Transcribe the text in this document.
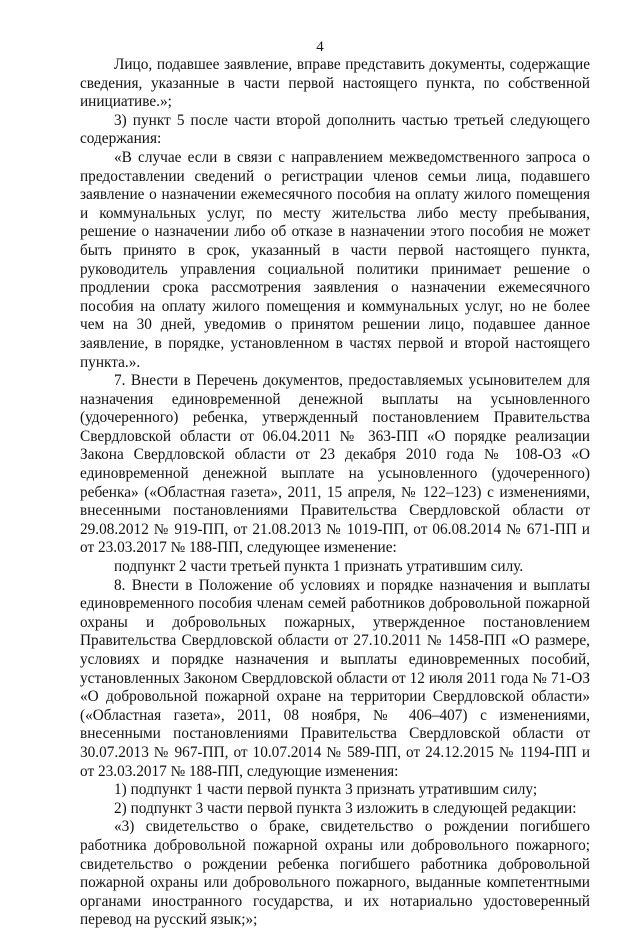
4

Лицо, подавшее заявление, вправе представить документы, содержащие сведения, указанные в части первой настоящего пункта, по собственной инициативе.»;

3) пункт 5 после части второй дополнить частью третьей следующего содержания:

«В случае если в связи с направлением межведомственного запроса о предоставлении сведений о регистрации членов семьи лица, подавшего заявление о назначении ежемесячного пособия на оплату жилого помещения и коммунальных услуг, по месту жительства либо месту пребывания, решение о назначении либо об отказе в назначении этого пособия не может быть принято в срок, указанный в части первой настоящего пункта, руководитель управления социальной политики принимает решение о продлении срока рассмотрения заявления о назначении ежемесячного пособия на оплату жилого помещения и коммунальных услуг, но не более чем на 30 дней, уведомив о принятом решении лицо, подавшее данное заявление, в порядке, установленном в частях первой и второй настоящего пункта.».

7. Внести в Перечень документов, предоставляемых усыновителем для назначения единовременной денежной выплаты на усыновленного (удочеренного) ребенка, утвержденный постановлением Правительства Свердловской области от 06.04.2011 № 363-ПП «О порядке реализации Закона Свердловской области от 23 декабря 2010 года № 108-ОЗ «О единовременной денежной выплате на усыновленного (удочеренного) ребенка» («Областная газета», 2011, 15 апреля, № 122–123) с изменениями, внесенными постановлениями Правительства Свердловской области от 29.08.2012 № 919-ПП, от 21.08.2013 № 1019-ПП, от 06.08.2014 № 671-ПП и от 23.03.2017 № 188-ПП, следующее изменение:

подпункт 2 части третьей пункта 1 признать утратившим силу.

8. Внести в Положение об условиях и порядке назначения и выплаты единовременного пособия членам семей работников добровольной пожарной охраны и добровольных пожарных, утвержденное постановлением Правительства Свердловской области от 27.10.2011 № 1458-ПП «О размере, условиях и порядке назначения и выплаты единовременных пособий, установленных Законом Свердловской области от 12 июля 2011 года № 71-ОЗ «О добровольной пожарной охране на территории Свердловской области» («Областная газета», 2011, 08 ноября, № 406–407) с изменениями, внесенными постановлениями Правительства Свердловской области от 30.07.2013 № 967-ПП, от 10.07.2014 № 589-ПП, от 24.12.2015 № 1194-ПП и от 23.03.2017 № 188-ПП, следующие изменения:

1) подпункт 1 части первой пункта 3 признать утратившим силу;

2) подпункт 3 части первой пункта 3 изложить в следующей редакции:

«3) свидетельство о браке, свидетельство о рождении погибшего работника добровольной пожарной охраны или добровольного пожарного; свидетельство о рождении ребенка погибшего работника добровольной пожарной охраны или добровольного пожарного, выданные компетентными органами иностранного государства, и их нотариально удостоверенный перевод на русский язык;»;
